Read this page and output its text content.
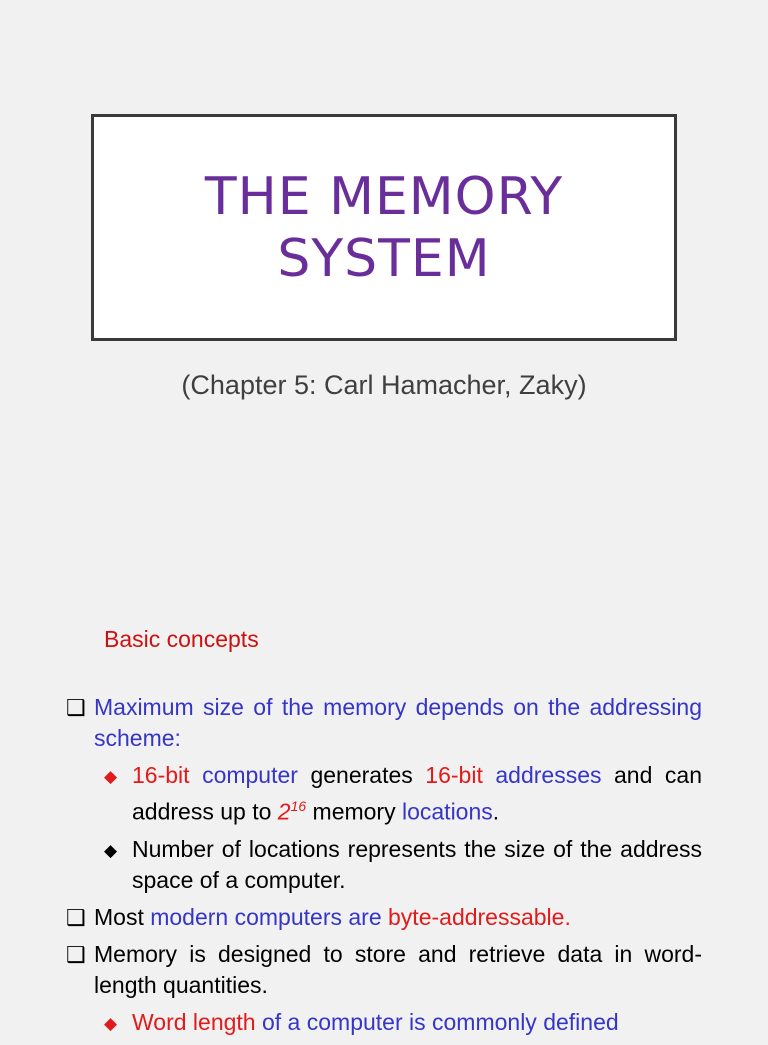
THE MEMORY
SYSTEM
(Chapter 5: Carl Hamacher, Zaky)
Basic concepts
❑ Maximum size of the memory depends on the addressing scheme:
◆ 16-bit computer generates 16-bit addresses and can address up to $2^{16}$ memory locations.
◆ Number of locations represents the size of the address space of a computer.
❑ Most modern computers are byte-addressable.
❑ Memory is designed to store and retrieve data in word-length quantities.
◆ Word length of a computer is commonly defined
